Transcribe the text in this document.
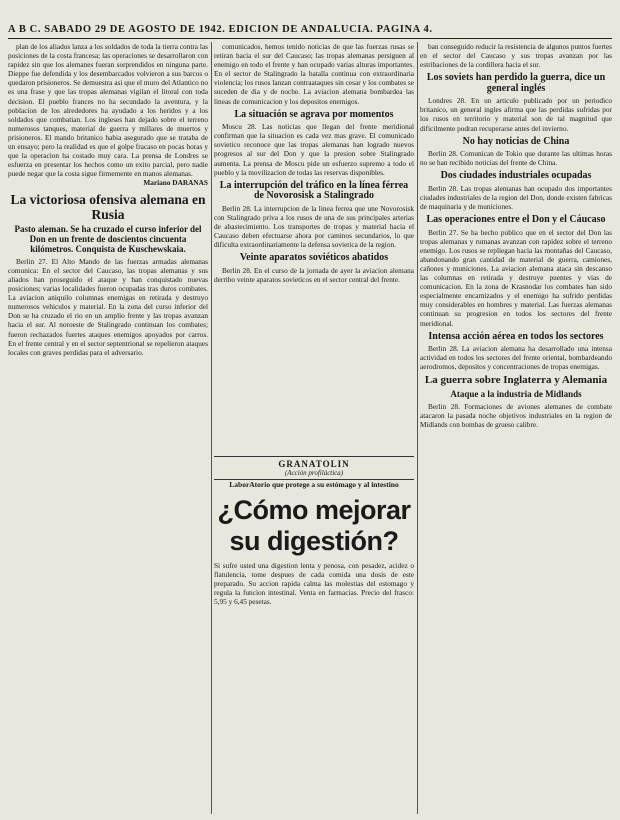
A B C. SABADO 29 DE AGOSTO DE 1942. EDICION DE ANDALUCIA. PAGINA 4.

plan de los aliados lanza a los soldados de toda la tierra contra las posiciones de la costa francesa; las operaciones se desarrollaron con rapidez sin que los alemanes fueran sorprendidos en ninguna parte. Dieppe fue defendida y los desembarcados volvieron a sus barcos o quedaron prisioneros. Se demuestra asi que el muro del Atlantico no es una frase y que las tropas alemanas vigilan el litoral con toda decision. El pueblo frances no ha secundado la aventura, y la poblacion de los alrededores ha ayudado a los heridos y a los soldados que combatian. Los ingleses han dejado sobre el terreno numerosos tanques, material de guerra y millares de muertos y prisioneros. El mando britanico habia asegurado que se trataba de un ensayo; pero la realidad es que el golpe fracaso en pocas horas y que la operacion ha costado muy cara. La prensa de Londres se esfuerza en presentar los hechos como un exito parcial, pero nadie puede negar que la costa sigue firmemente en manos alemanas.

Mariano DARANAS
La victoriosa ofensiva alemana en Rusia
Pasto aleman. Se ha cruzado el curso inferior del Don en un frente de doscientos cincuenta kilómetros. Conquista de Kuschewskaia.

Berlin 27. El Alto Mando de las fuerzas armadas alemanas comunica: En el sector del Caucaso, las tropas alemanas y sus aliados han proseguido el ataque y han conquistado nuevas posiciones; varias localidades fueron ocupadas tras duros combates. La aviacion aniquilo columnas enemigas en retirada y destruyo numerosos vehiculos y material. En la zona del curso inferior del Don se ha cruzado el rio en un amplio frente y las tropas avanzan hacia el sur. Al noroeste de Stalingrado continuan los combates; fueron rechazados fuertes ataques enemigos apoyados por carros. En el frente central y en el sector septentrional se repelieron ataques locales con graves perdidas para el adversario.

comunicados, hemos tenido noticias de que las fuerzas rusas se retiran hacia el sur del Caucaso; las tropas alemanas persiguen al enemigo en todo el frente y han ocupado varias alturas importantes. En el sector de Stalingrado la batalla continua con extraordinaria violencia; los rusos lanzan contraataques sin cesar y los combates se suceden de dia y de noche. La aviacion alemana bombardea las lineas de comunicacion y los depositos enemigos.

La situación se agrava por momentos

Moscu 28. Las noticias que llegan del frente meridional confirman que la situacion es cada vez mas grave. El comunicado sovietico reconoce que las tropas alemanas han logrado nuevos progresos al sur del Don y que la presion sobre Stalingrado aumenta. La prensa de Moscu pide un esfuerzo supremo a todo el pueblo y la movilizacion de todas las reservas disponibles.

La interrupción del tráfico en la línea férrea de Novorosisk a Stalingrado

Berlin 28. La interrupcion de la linea ferrea que une Novorosisk con Stalingrado priva a los rusos de una de sus principales arterias de abastecimiento. Los transportes de tropas y material hacia el Caucaso deben efectuarse ahora por caminos secundarios, lo que dificulta extraordinariamente la defensa sovietica de la region.

Veinte aparatos soviéticos abatidos

Berlin 28. En el curso de la jornada de ayer la aviacion alemana derribo veinte aparatos sovieticos en el sector central del frente.

GRANATOLIN
(Acción profiláctica)
LaborAtorio que protege a su estómago y al intestino
¿Cómo mejorar
su digestión?
Si sufre usted una digestion lenta y penosa, con pesadez, acidez o flatulencia, tome despues de cada comida una dosis de este preparado. Su accion rapida calma las molestias del estomago y regula la funcion intestinal. Venta en farmacias. Precio del frasco: 5,95 y 6,45 pesetas.

ban conseguido reducir la resistencia de algunos puntos fuertes en el sector del Caucaso y sus tropas avanzan por las estribaciones de la cordillera hacia el sur.

Los soviets han perdido la guerra, dice un general inglés

Londres 28. En un articulo publicado por un periodico britanico, un general ingles afirma que las perdidas sufridas por los rusos en territorio y material son de tal magnitud que dificilmente podran recuperarse antes del invierno.

No hay noticias de China

Berlin 28. Comunican de Tokio que durante las ultimas horas no se han recibido noticias del frente de China.

Dos ciudades industriales ocupadas

Berlin 28. Las tropas alemanas han ocupado dos importantes ciudades industriales de la region del Don, donde existen fabricas de maquinaria y de municiones.

Las operaciones entre el Don y el Cáucaso

Berlin 27. Se ha hecho publico que en el sector del Don las tropas alemanas y rumanas avanzan con rapidez sobre el terreno enemigo. Los rusos se repliegan hacia las montañas del Caucaso, abandonando gran cantidad de material de guerra, camiones, cañones y municiones. La aviacion alemana ataca sin descanso las columnas en retirada y destruye puentes y vias de comunicacion. En la zona de Krasnodar los combates han sido especialmente encarnizados y el enemigo ha sufrido perdidas muy considerables en hombres y material. Las fuerzas alemanas continuan su progresion en todos los sectores del frente meridional.

Intensa acción aérea en todos los sectores

Berlin 28. La aviacion alemana ha desarrollado una intensa actividad en todos los sectores del frente oriental, bombardeando aerodromos, depositos y concentraciones de tropas enemigas.

La guerra sobre Inglaterra y Alemania
Ataque a la industria de Midlands

Berlin 28. Formaciones de aviones alemanes de combate atacaron la pasada noche objetivos industriales en la region de Midlands con bombas de grueso calibre.
